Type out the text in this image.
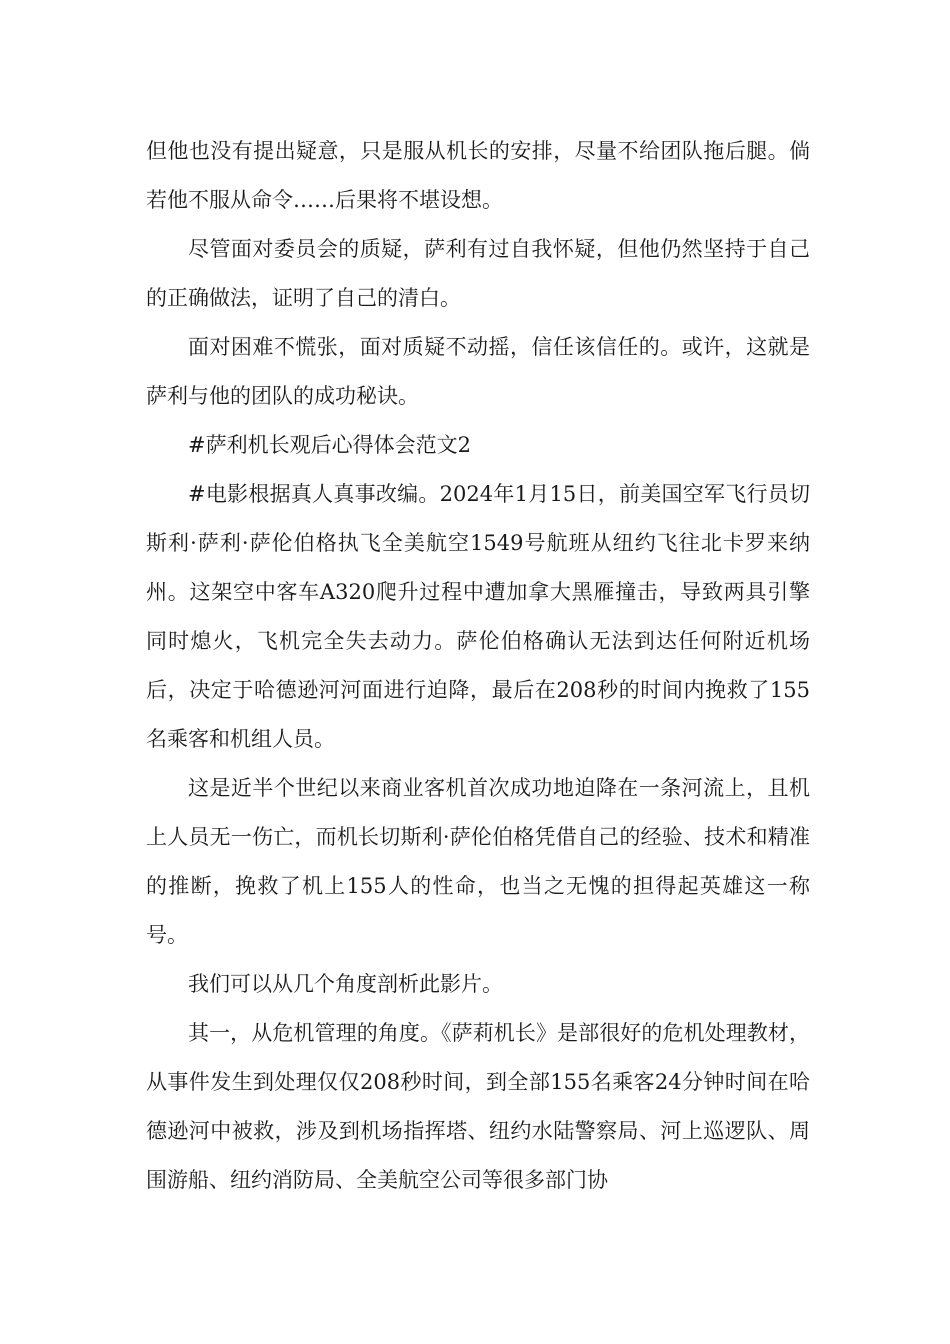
但他也没有提出疑意，只是服从机长的安排，尽量不给团队拖后腿。倘若他不服从命令……后果将不堪设想。

尽管面对委员会的质疑，萨利有过自我怀疑，但他仍然坚持于自己的正确做法，证明了自己的清白。

面对困难不慌张，面对质疑不动摇，信任该信任的。或许，这就是萨利与他的团队的成功秘诀。

#萨利机长观后心得体会范文2

#电影根据真人真事改编。2024年1月15日，前美国空军飞行员切斯利·萨利·萨伦伯格执飞全美航空1549号航班从纽约飞往北卡罗来纳州。这架空中客车A320爬升过程中遭加拿大黑雁撞击，导致两具引擎同时熄火，飞机完全失去动力。萨伦伯格确认无法到达任何附近机场后，决定于哈德逊河河面进行迫降，最后在208秒的时间内挽救了155名乘客和机组人员。

这是近半个世纪以来商业客机首次成功地迫降在一条河流上，且机上人员无一伤亡，而机长切斯利·萨伦伯格凭借自己的经验、技术和精准的推断，挽救了机上155人的性命，也当之无愧的担得起英雄这一称号。

我们可以从几个角度剖析此影片。

其一，从危机管理的角度。《萨莉机长》是部很好的危机处理教材，从事件发生到处理仅仅208秒时间，到全部155名乘客24分钟时间在哈德逊河中被救，涉及到机场指挥塔、纽约水陆警察局、河上巡逻队、周围游船、纽约消防局、全美航空公司等很多部门协
